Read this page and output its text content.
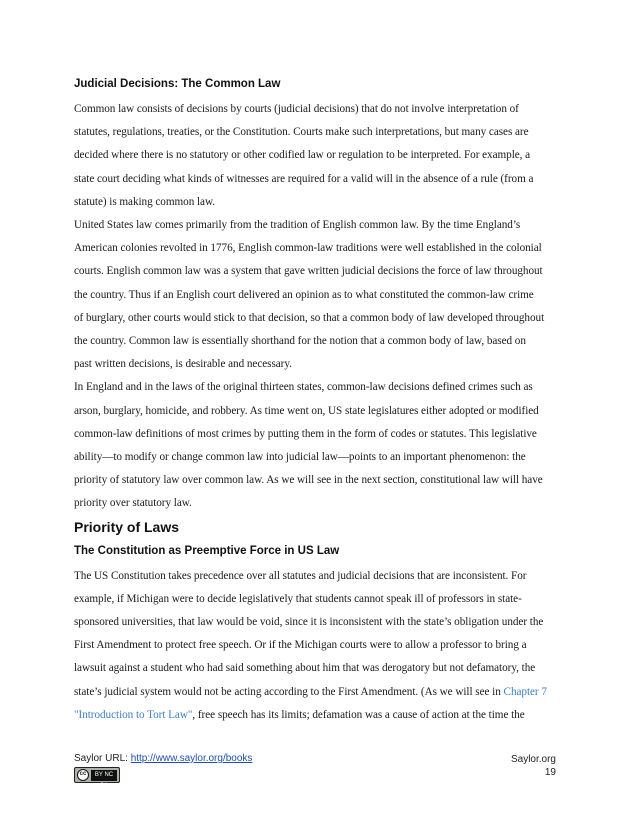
Judicial Decisions: The Common Law
Common law consists of decisions by courts (judicial decisions) that do not involve interpretation of
statutes, regulations, treaties, or the Constitution. Courts make such interpretations, but many cases are
decided where there is no statutory or other codified law or regulation to be interpreted. For example, a
state court deciding what kinds of witnesses are required for a valid will in the absence of a rule (from a
statute) is making common law.
United States law comes primarily from the tradition of English common law. By the time England’s
American colonies revolted in 1776, English common-law traditions were well established in the colonial
courts. English common law was a system that gave written judicial decisions the force of law throughout
the country. Thus if an English court delivered an opinion as to what constituted the common-law crime
of burglary, other courts would stick to that decision, so that a common body of law developed throughout
the country. Common law is essentially shorthand for the notion that a common body of law, based on
past written decisions, is desirable and necessary.
In England and in the laws of the original thirteen states, common-law decisions defined crimes such as
arson, burglary, homicide, and robbery. As time went on, US state legislatures either adopted or modified
common-law definitions of most crimes by putting them in the form of codes or statutes. This legislative
ability—to modify or change common law into judicial law—points to an important phenomenon: the
priority of statutory law over common law. As we will see in the next section, constitutional law will have
priority over statutory law.
Priority of Laws
The Constitution as Preemptive Force in US Law
The US Constitution takes precedence over all statutes and judicial decisions that are inconsistent. For
example, if Michigan were to decide legislatively that students cannot speak ill of professors in state-
sponsored universities, that law would be void, since it is inconsistent with the state’s obligation under the
First Amendment to protect free speech. Or if the Michigan courts were to allow a professor to bring a
lawsuit against a student who had said something about him that was derogatory but not defamatory, the
state’s judicial system would not be acting according to the First Amendment. (As we will see in Chapter 7
"Introduction to Tort Law", free speech has its limits; defamation was a cause of action at the time the
Saylor URL: http://www.saylor.org/books	Saylor.org
19
cc	BY NC SA
